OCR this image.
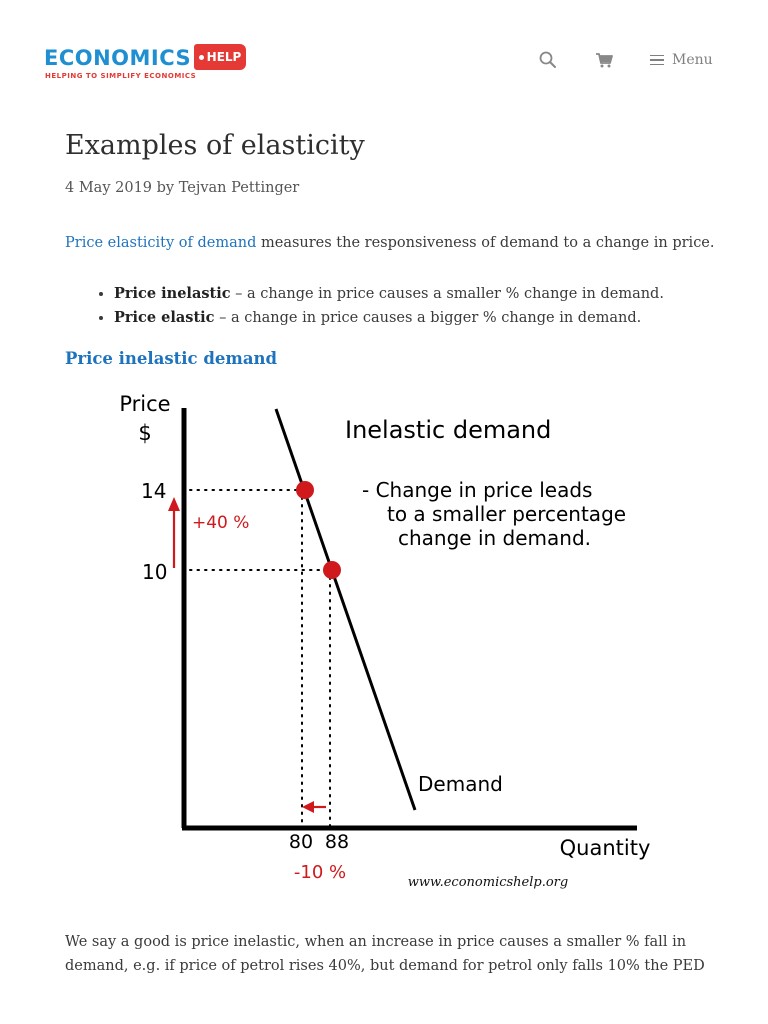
ECONOMICS	HELP
HELPING TO SIMPLIFY ECONOMICS
Menu
Examples of elasticity
4 May 2019 by Tejvan Pettinger
Price elasticity of demand measures the responsiveness of demand to a change in price.
• Price inelastic – a change in price causes a smaller % change in demand.
• Price elastic – a change in price causes a bigger % change in demand.
Price inelastic demand
Price
$
14
10
80 88	Quantity
+40 %
-10 %
Inelastic demand
- Change in price leads
to a smaller percentage
change in demand.
Demand
www.economicshelp.org

We say a good is price inelastic, when an increase in price causes a smaller % fall in demand, e.g. if price of petrol rises 40%, but demand for petrol only falls 10% the PED
